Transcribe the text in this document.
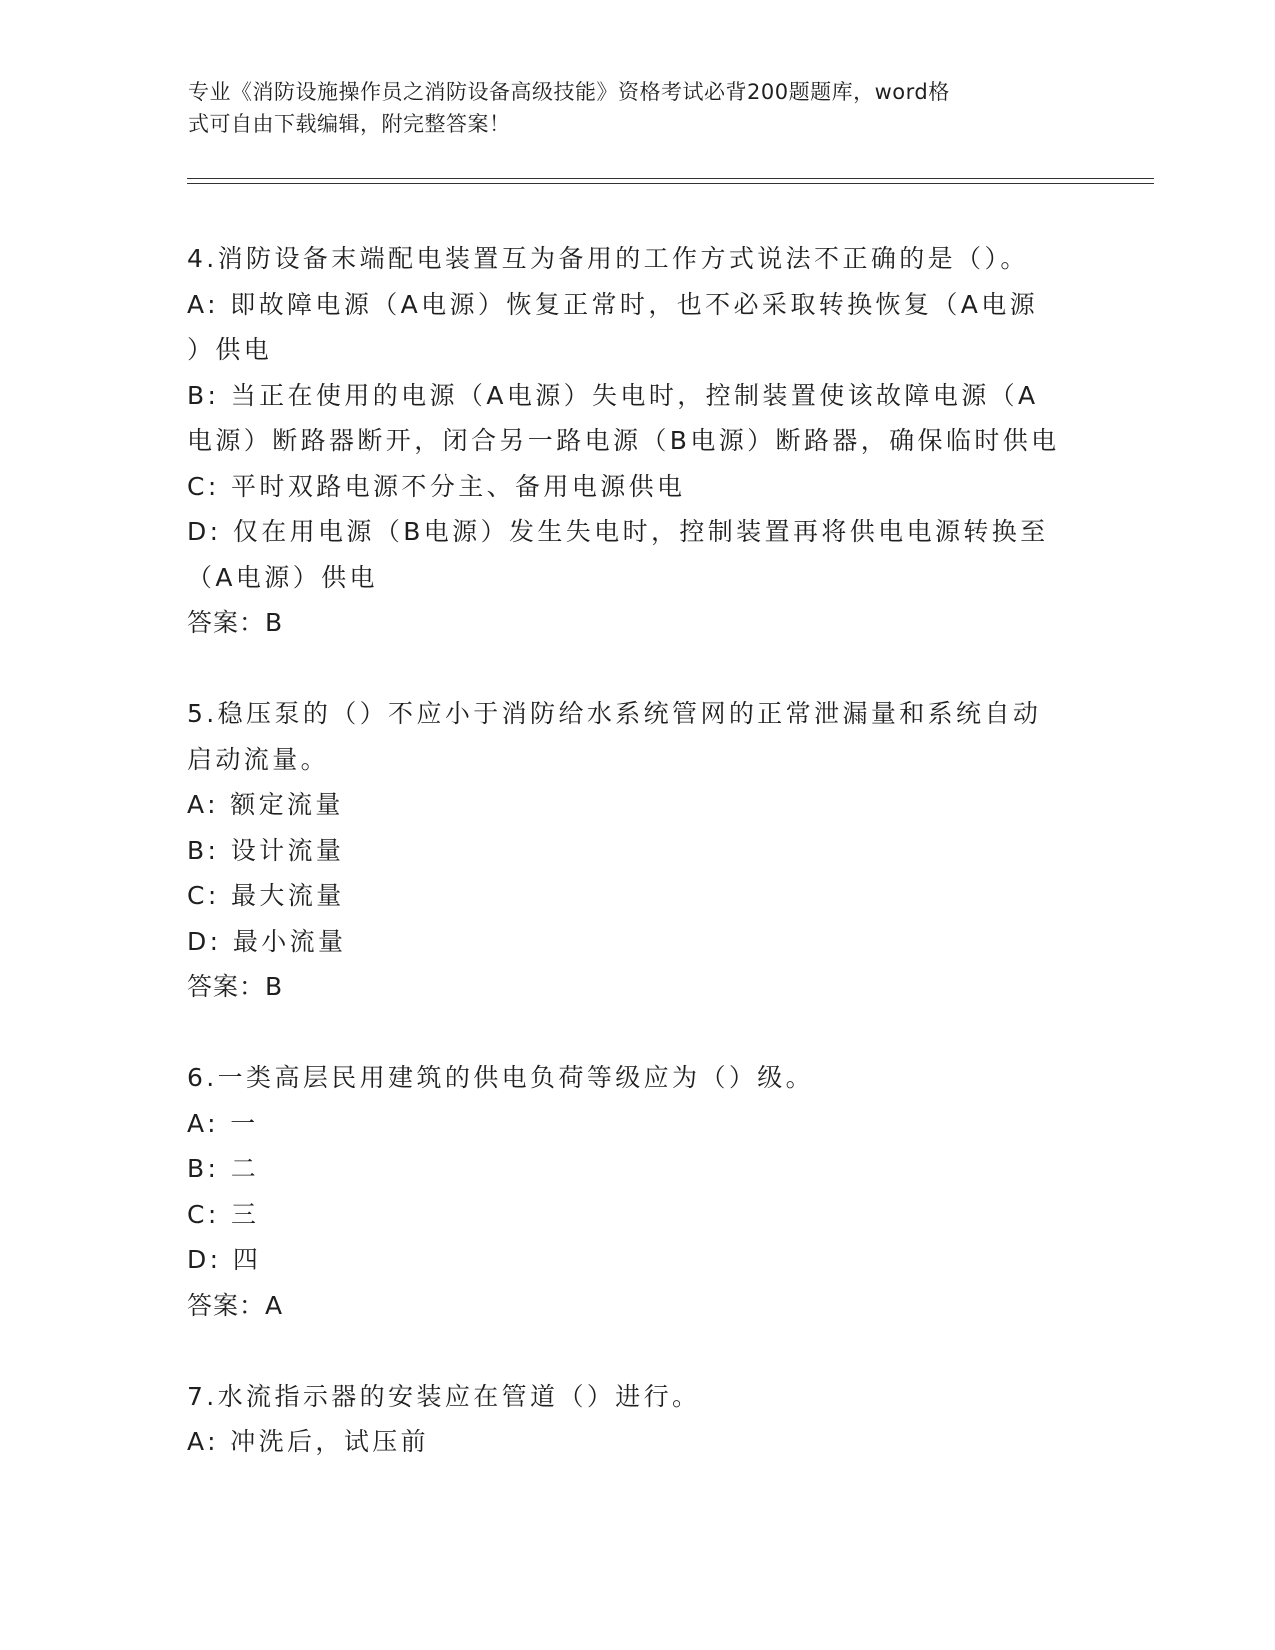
专业《消防设施操作员之消防设备高级技能》资格考试必背200题题库，word格
式可自由下载编辑，附完整答案！
4.消防设备末端配电装置互为备用的工作方式说法不正确的是（）。
A: 即故障电源（A电源）恢复正常时，也不必采取转换恢复（A电源
）供电
B: 当正在使用的电源（A电源）失电时，控制装置使该故障电源（A
电源）断路器断开，闭合另一路电源（B电源）断路器，确保临时供电
C: 平时双路电源不分主、备用电源供电
D: 仅在用电源（B电源）发生失电时，控制装置再将供电电源转换至
（A电源）供电
答案：B
5.稳压泵的（）不应小于消防给水系统管网的正常泄漏量和系统自动
启动流量。
A: 额定流量
B: 设计流量
C: 最大流量
D: 最小流量
答案：B
6.一类高层民用建筑的供电负荷等级应为（）级。
A: 一
B: 二
C: 三
D: 四
答案：A
7.水流指示器的安装应在管道（）进行。
A: 冲洗后，试压前
